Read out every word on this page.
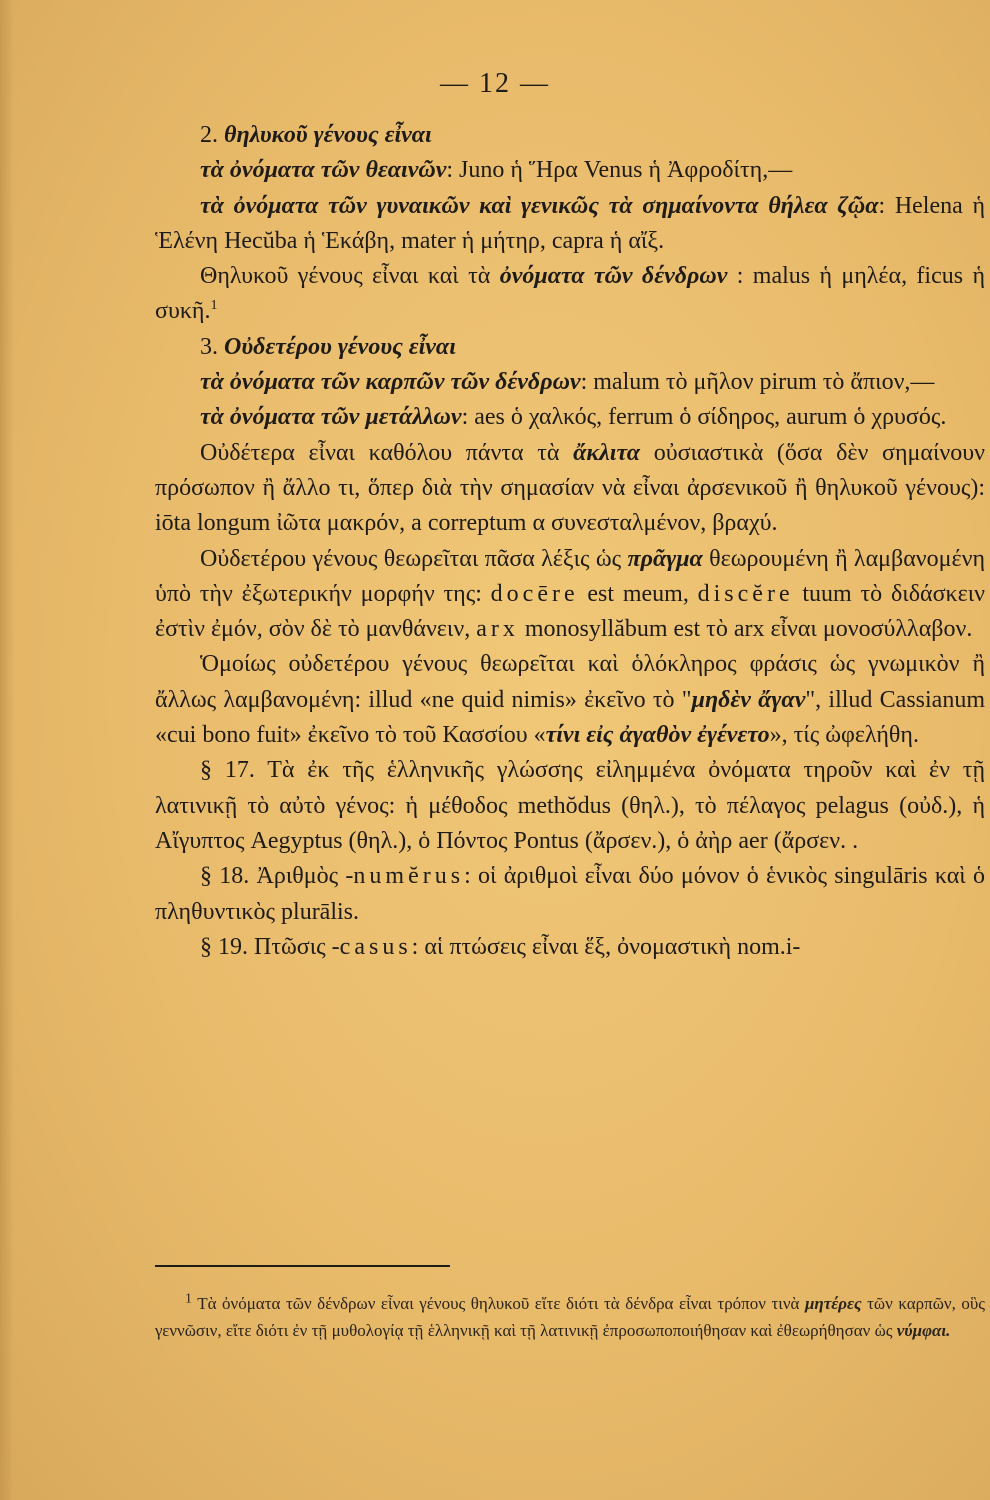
— 12 —

2. θηλυκοῦ γένους εἶναι

τὰ ὀνόματα τῶν θεαινῶν: Juno ἡ Ἥρα Venus ἡ Ἀφροδίτη,—

τὰ ὀνόματα τῶν γυναικῶν καὶ γενικῶς τὰ σημαίνοντα θήλεα ζῷα: Helena ἡ Ἑλένη Hecŭba ἡ Ἑκάβη, mater ἡ μήτηρ, capra ἡ αἴξ.

Θηλυκοῦ γένους εἶναι καὶ τὰ ὀνόματα τῶν δένδρων : malus ἡ μηλέα, ficus ἡ συκῆ.$^1$

3. Οὐδετέρου γένους εἶναι

τὰ ὀνόματα τῶν καρπῶν τῶν δένδρων: malum τὸ μῆλον pirum τὸ ἄπιον,—

τὰ ὀνόματα τῶν μετάλλων: aes ὁ χαλκός, ferrum ὁ σίδηρος, aurum ὁ χρυσός.

Οὐδέτερα εἶναι καθόλου πάντα τὰ ἄκλιτα οὐσιαστικὰ (ὅσα δὲν σημαίνουν πρόσωπον ἢ ἄλλο τι, ὅπερ διὰ τὴν σημασίαν νὰ εἶναι ἀρσενικοῦ ἢ θηλυκοῦ γένους): iōta longum ἰῶτα μακρόν, a correptum α συνεσταλμένον, βραχύ.

Οὐδετέρου γένους θεωρεῖται πᾶσα λέξις ὡς πρᾶγμα θεωρουμένη ἢ λαμβανομένη ὑπὸ τὴν ἐξωτερικήν μορφήν της: docēre est meum, discĕre tuum τὸ διδάσκειν ἐστὶν ἐμόν, σὸν δὲ τὸ μανθάνειν, arx monosyllăbum est τὸ arx εἶναι μονοσύλλαβον.

Ὁμοίως οὐδετέρου γένους θεωρεῖται καὶ ὁλόκληρος φράσις ὡς γνωμικὸν ἢ ἄλλως λαμβανομένη: illud «ne quid nimis» ἐκεῖνο τὸ "μηδὲν ἄγαν", illud Cassianum «cui bono fuit» ἐκεῖνο τὸ τοῦ Κασσίου «τίνι εἰς ἀγαθὸν ἐγένετο», τίς ὠφελήθη.

§ 17. Τὰ ἐκ τῆς ἑλληνικῆς γλώσσης εἰλημμένα ὀνόματα τηροῦν καὶ ἐν τῇ λατινικῇ τὸ αὐτὸ γένος: ἡ μέθοδος methŏdus (θηλ.), τὸ πέλαγος pelagus (οὐδ.), ἡ Αἴγυπτος Aegyptus (θηλ.), ὁ Πόντος Pontus (ἄρσεν.), ὁ ἀὴρ aer (ἄρσεν. .

§ 18. Ἀριθμὸς -numĕrus: οἱ ἀριθμοὶ εἶναι δύο μόνον ὁ ἑνικὸς singulāris καὶ ὁ πληθυντικὸς plurālis.

§ 19. Πτῶσις -casus: αἱ πτώσεις εἶναι ἕξ, ὀνομαστικὴ nom.i-

$^1$ Τὰ ὀνόματα τῶν δένδρων εἶναι γένους θηλυκοῦ εἴτε διότι τὰ δένδρα εἶναι τρόπον τινὰ μητέρες τῶν καρπῶν, οὓς γεννῶσιν, εἴτε διότι ἐν τῇ μυθολογίᾳ τῇ ἑλληνικῇ καὶ τῇ λατινικῇ ἐπροσωποποιήθησαν καὶ ἐθεωρήθησαν ὡς νύμφαι.
